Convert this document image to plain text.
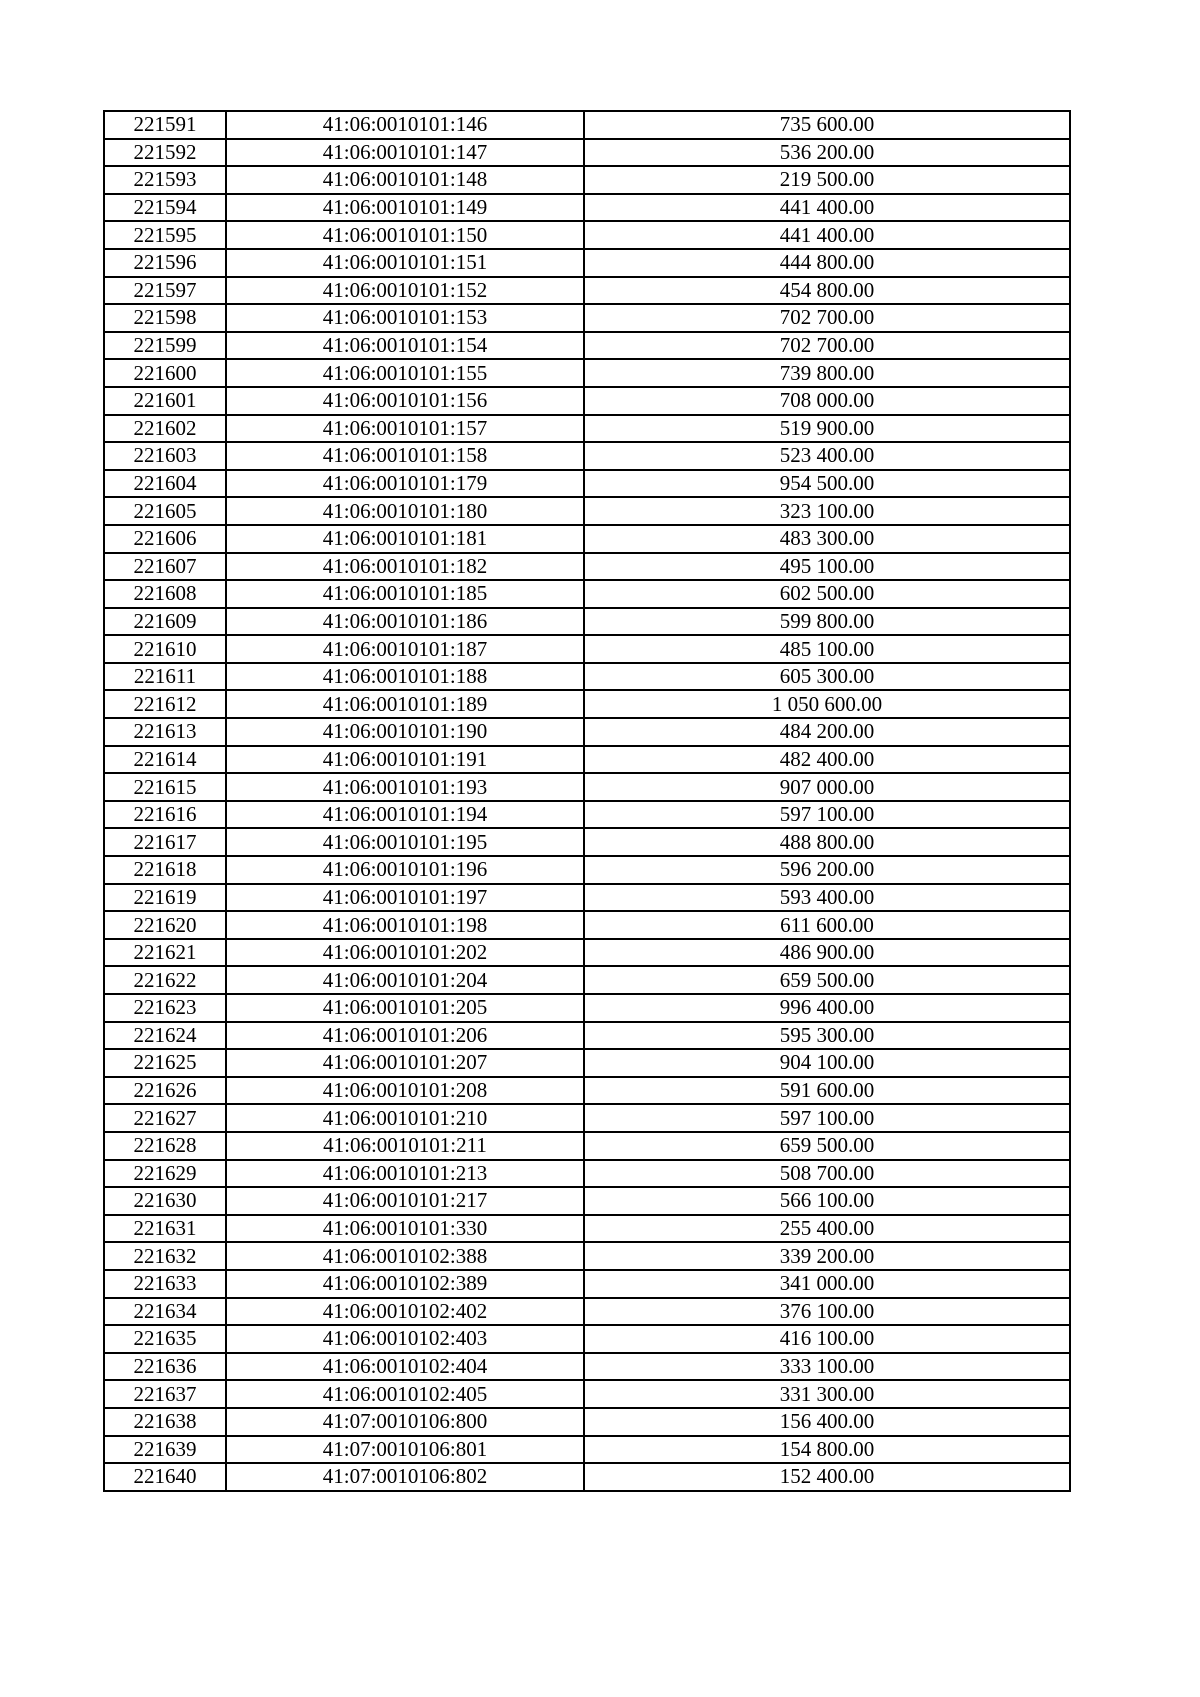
221591	41:06:0010101:146	735 600.00
221592	41:06:0010101:147	536 200.00
221593	41:06:0010101:148	219 500.00
221594	41:06:0010101:149	441 400.00
221595	41:06:0010101:150	441 400.00
221596	41:06:0010101:151	444 800.00
221597	41:06:0010101:152	454 800.00
221598	41:06:0010101:153	702 700.00
221599	41:06:0010101:154	702 700.00
221600	41:06:0010101:155	739 800.00
221601	41:06:0010101:156	708 000.00
221602	41:06:0010101:157	519 900.00
221603	41:06:0010101:158	523 400.00
221604	41:06:0010101:179	954 500.00
221605	41:06:0010101:180	323 100.00
221606	41:06:0010101:181	483 300.00
221607	41:06:0010101:182	495 100.00
221608	41:06:0010101:185	602 500.00
221609	41:06:0010101:186	599 800.00
221610	41:06:0010101:187	485 100.00
221611	41:06:0010101:188	605 300.00
221612	41:06:0010101:189	1 050 600.00
221613	41:06:0010101:190	484 200.00
221614	41:06:0010101:191	482 400.00
221615	41:06:0010101:193	907 000.00
221616	41:06:0010101:194	597 100.00
221617	41:06:0010101:195	488 800.00
221618	41:06:0010101:196	596 200.00
221619	41:06:0010101:197	593 400.00
221620	41:06:0010101:198	611 600.00
221621	41:06:0010101:202	486 900.00
221622	41:06:0010101:204	659 500.00
221623	41:06:0010101:205	996 400.00
221624	41:06:0010101:206	595 300.00
221625	41:06:0010101:207	904 100.00
221626	41:06:0010101:208	591 600.00
221627	41:06:0010101:210	597 100.00
221628	41:06:0010101:211	659 500.00
221629	41:06:0010101:213	508 700.00
221630	41:06:0010101:217	566 100.00
221631	41:06:0010101:330	255 400.00
221632	41:06:0010102:388	339 200.00
221633	41:06:0010102:389	341 000.00
221634	41:06:0010102:402	376 100.00
221635	41:06:0010102:403	416 100.00
221636	41:06:0010102:404	333 100.00
221637	41:06:0010102:405	331 300.00
221638	41:07:0010106:800	156 400.00
221639	41:07:0010106:801	154 800.00
221640	41:07:0010106:802	152 400.00
